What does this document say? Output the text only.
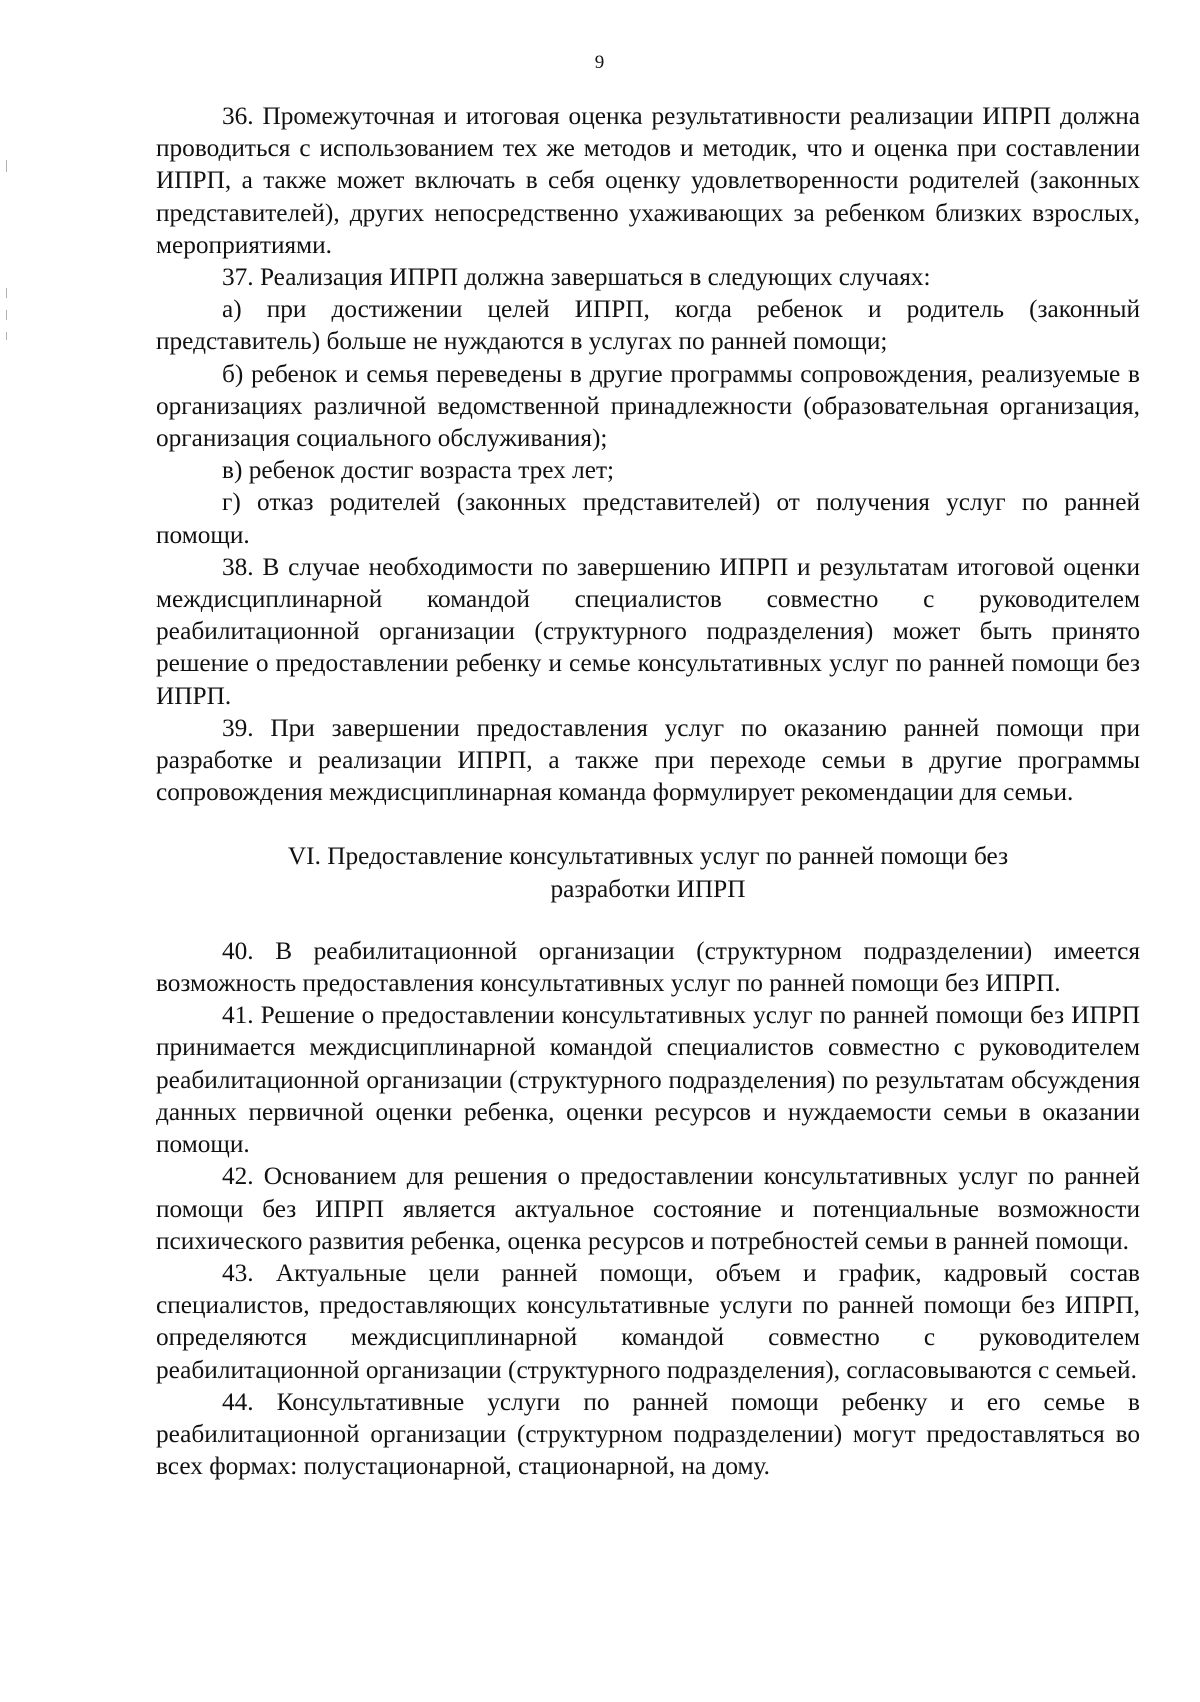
9

36. Промежуточная и итоговая оценка результативности реализации ИПРП должна проводиться с использованием тех же методов и методик, что и оценка при составлении ИПРП, а также может включать в себя оценку удовлетворенности родителей (законных представителей), других непосредственно ухаживающих за ребенком близких взрослых, мероприятиями.

37. Реализация ИПРП должна завершаться в следующих случаях:

а) при достижении целей ИПРП, когда ребенок и родитель (законный представитель) больше не нуждаются в услугах по ранней помощи;

б) ребенок и семья переведены в другие программы сопровождения, реализуемые в организациях различной ведомственной принадлежности (образовательная организация, организация социального обслуживания);

в) ребенок достиг возраста трех лет;

г) отказ родителей (законных представителей) от получения услуг по ранней помощи.

38. В случае необходимости по завершению ИПРП и результатам итоговой оценки междисциплинарной командой специалистов совместно с руководителем реабилитационной организации (структурного подразделения) может быть принято решение о предоставлении ребенку и семье консультативных услуг по ранней помощи без ИПРП.

39. При завершении предоставления услуг по оказанию ранней помощи при разработке и реализации ИПРП, а также при переходе семьи в другие программы сопровождения междисциплинарная команда формулирует рекомендации для семьи.

VI. Предоставление консультативных услуг по ранней помощи без
разработки ИПРП

40. В реабилитационной организации (структурном подразделении) имеется возможность предоставления консультативных услуг по ранней помощи без ИПРП.

41. Решение о предоставлении консультативных услуг по ранней помощи без ИПРП принимается междисциплинарной командой специалистов совместно с руководителем реабилитационной организации (структурного подразделения) по результатам обсуждения данных первичной оценки ребенка, оценки ресурсов и нуждаемости семьи в оказании помощи.

42. Основанием для решения о предоставлении консультативных услуг по ранней помощи без ИПРП является актуальное состояние и потенциальные возможности психического развития ребенка, оценка ресурсов и потребностей семьи в ранней помощи.

43. Актуальные цели ранней помощи, объем и график, кадровый состав специалистов, предоставляющих консультативные услуги по ранней помощи без ИПРП, определяются междисциплинарной командой совместно с руководителем реабилитационной организации (структурного подразделения), согласовываются с семьей.

44. Консультативные услуги по ранней помощи ребенку и его семье в реабилитационной организации (структурном подразделении) могут предоставляться во всех формах: полустационарной, стационарной, на дому.
